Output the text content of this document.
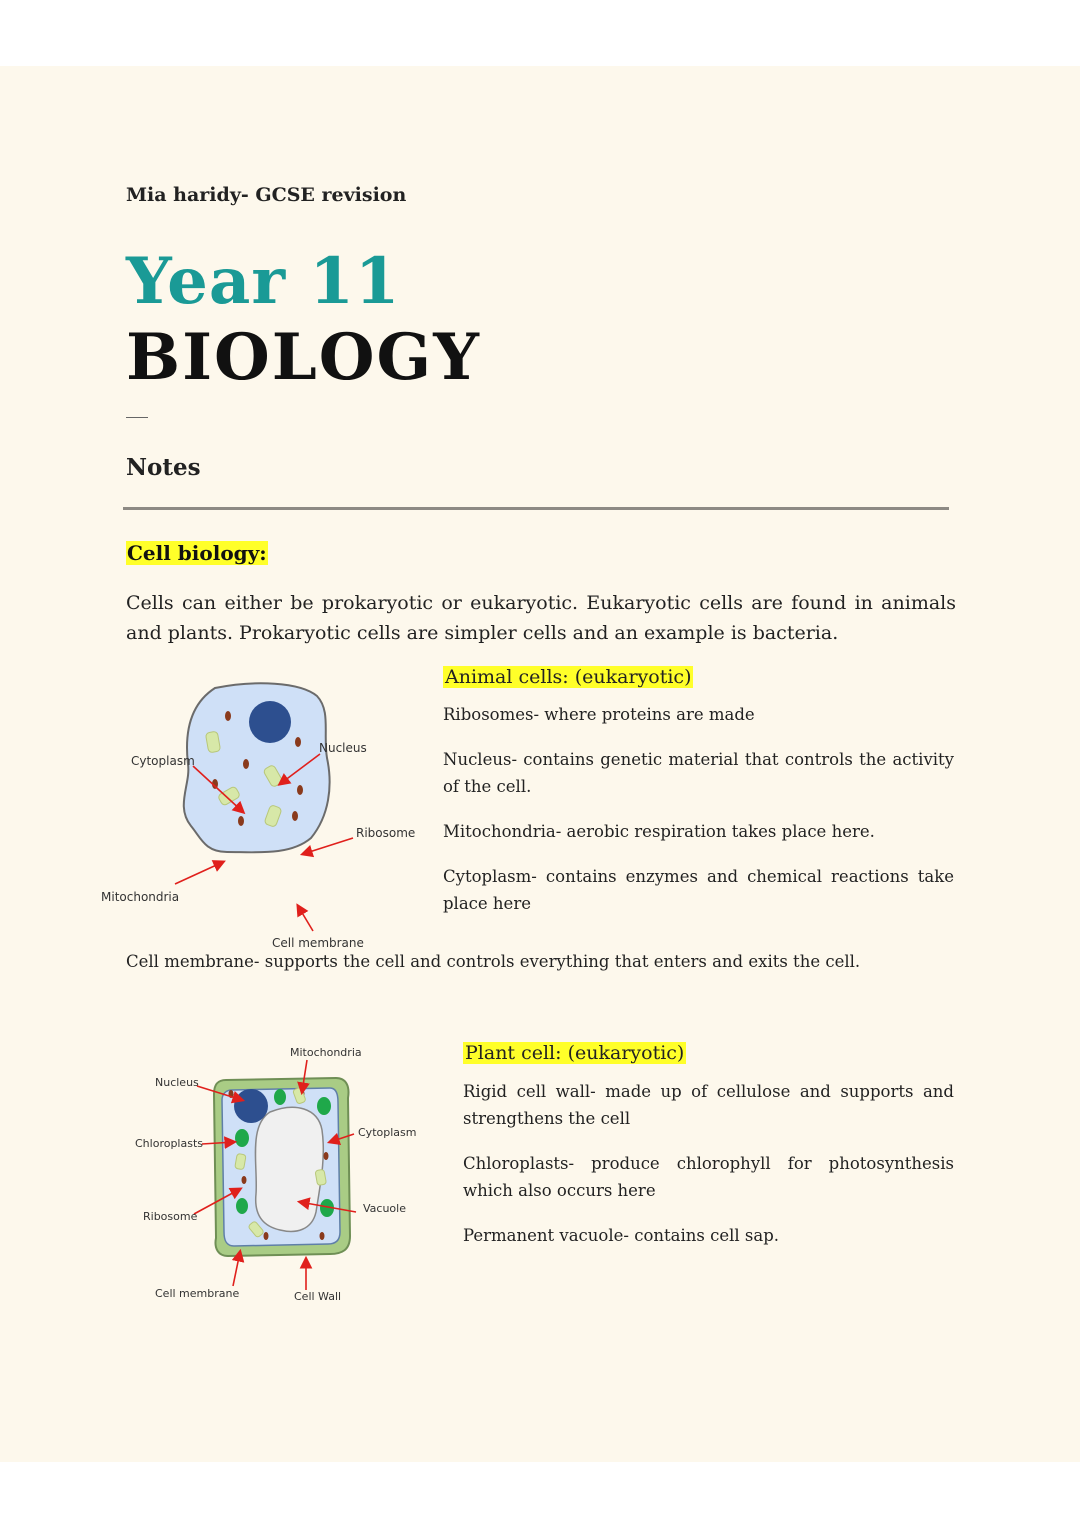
Mia haridy- GCSE revision
Year 11
BIOLOGY
Notes
Cell biology:

Cells can either be prokaryotic or eukaryotic. Eukaryotic cells are found in animals and plants. Prokaryotic cells are simpler cells and an example is bacteria.

Nucleus
Cytoplasm
Ribosome
Mitochondria
Cell membrane
Animal cells: (eukaryotic)

Ribosomes- where proteins are made

Nucleus- contains genetic material that controls the activity of the cell.

Mitochondria- aerobic respiration takes place here.

Cytoplasm- contains enzymes and chemical reactions take place here

Cell membrane- supports the cell and controls everything that enters and exits the cell.

Mitochondria
Nucleus
Chloroplasts
Cytoplasm
Ribosome
Vacuole
Cell membrane	Cell Wall
Plant cell: (eukaryotic)

Rigid cell wall- made up of cellulose and supports and strengthens the cell

Chloroplasts- produce chlorophyll for photosynthesis which also occurs here

Permanent vacuole- contains cell sap.
